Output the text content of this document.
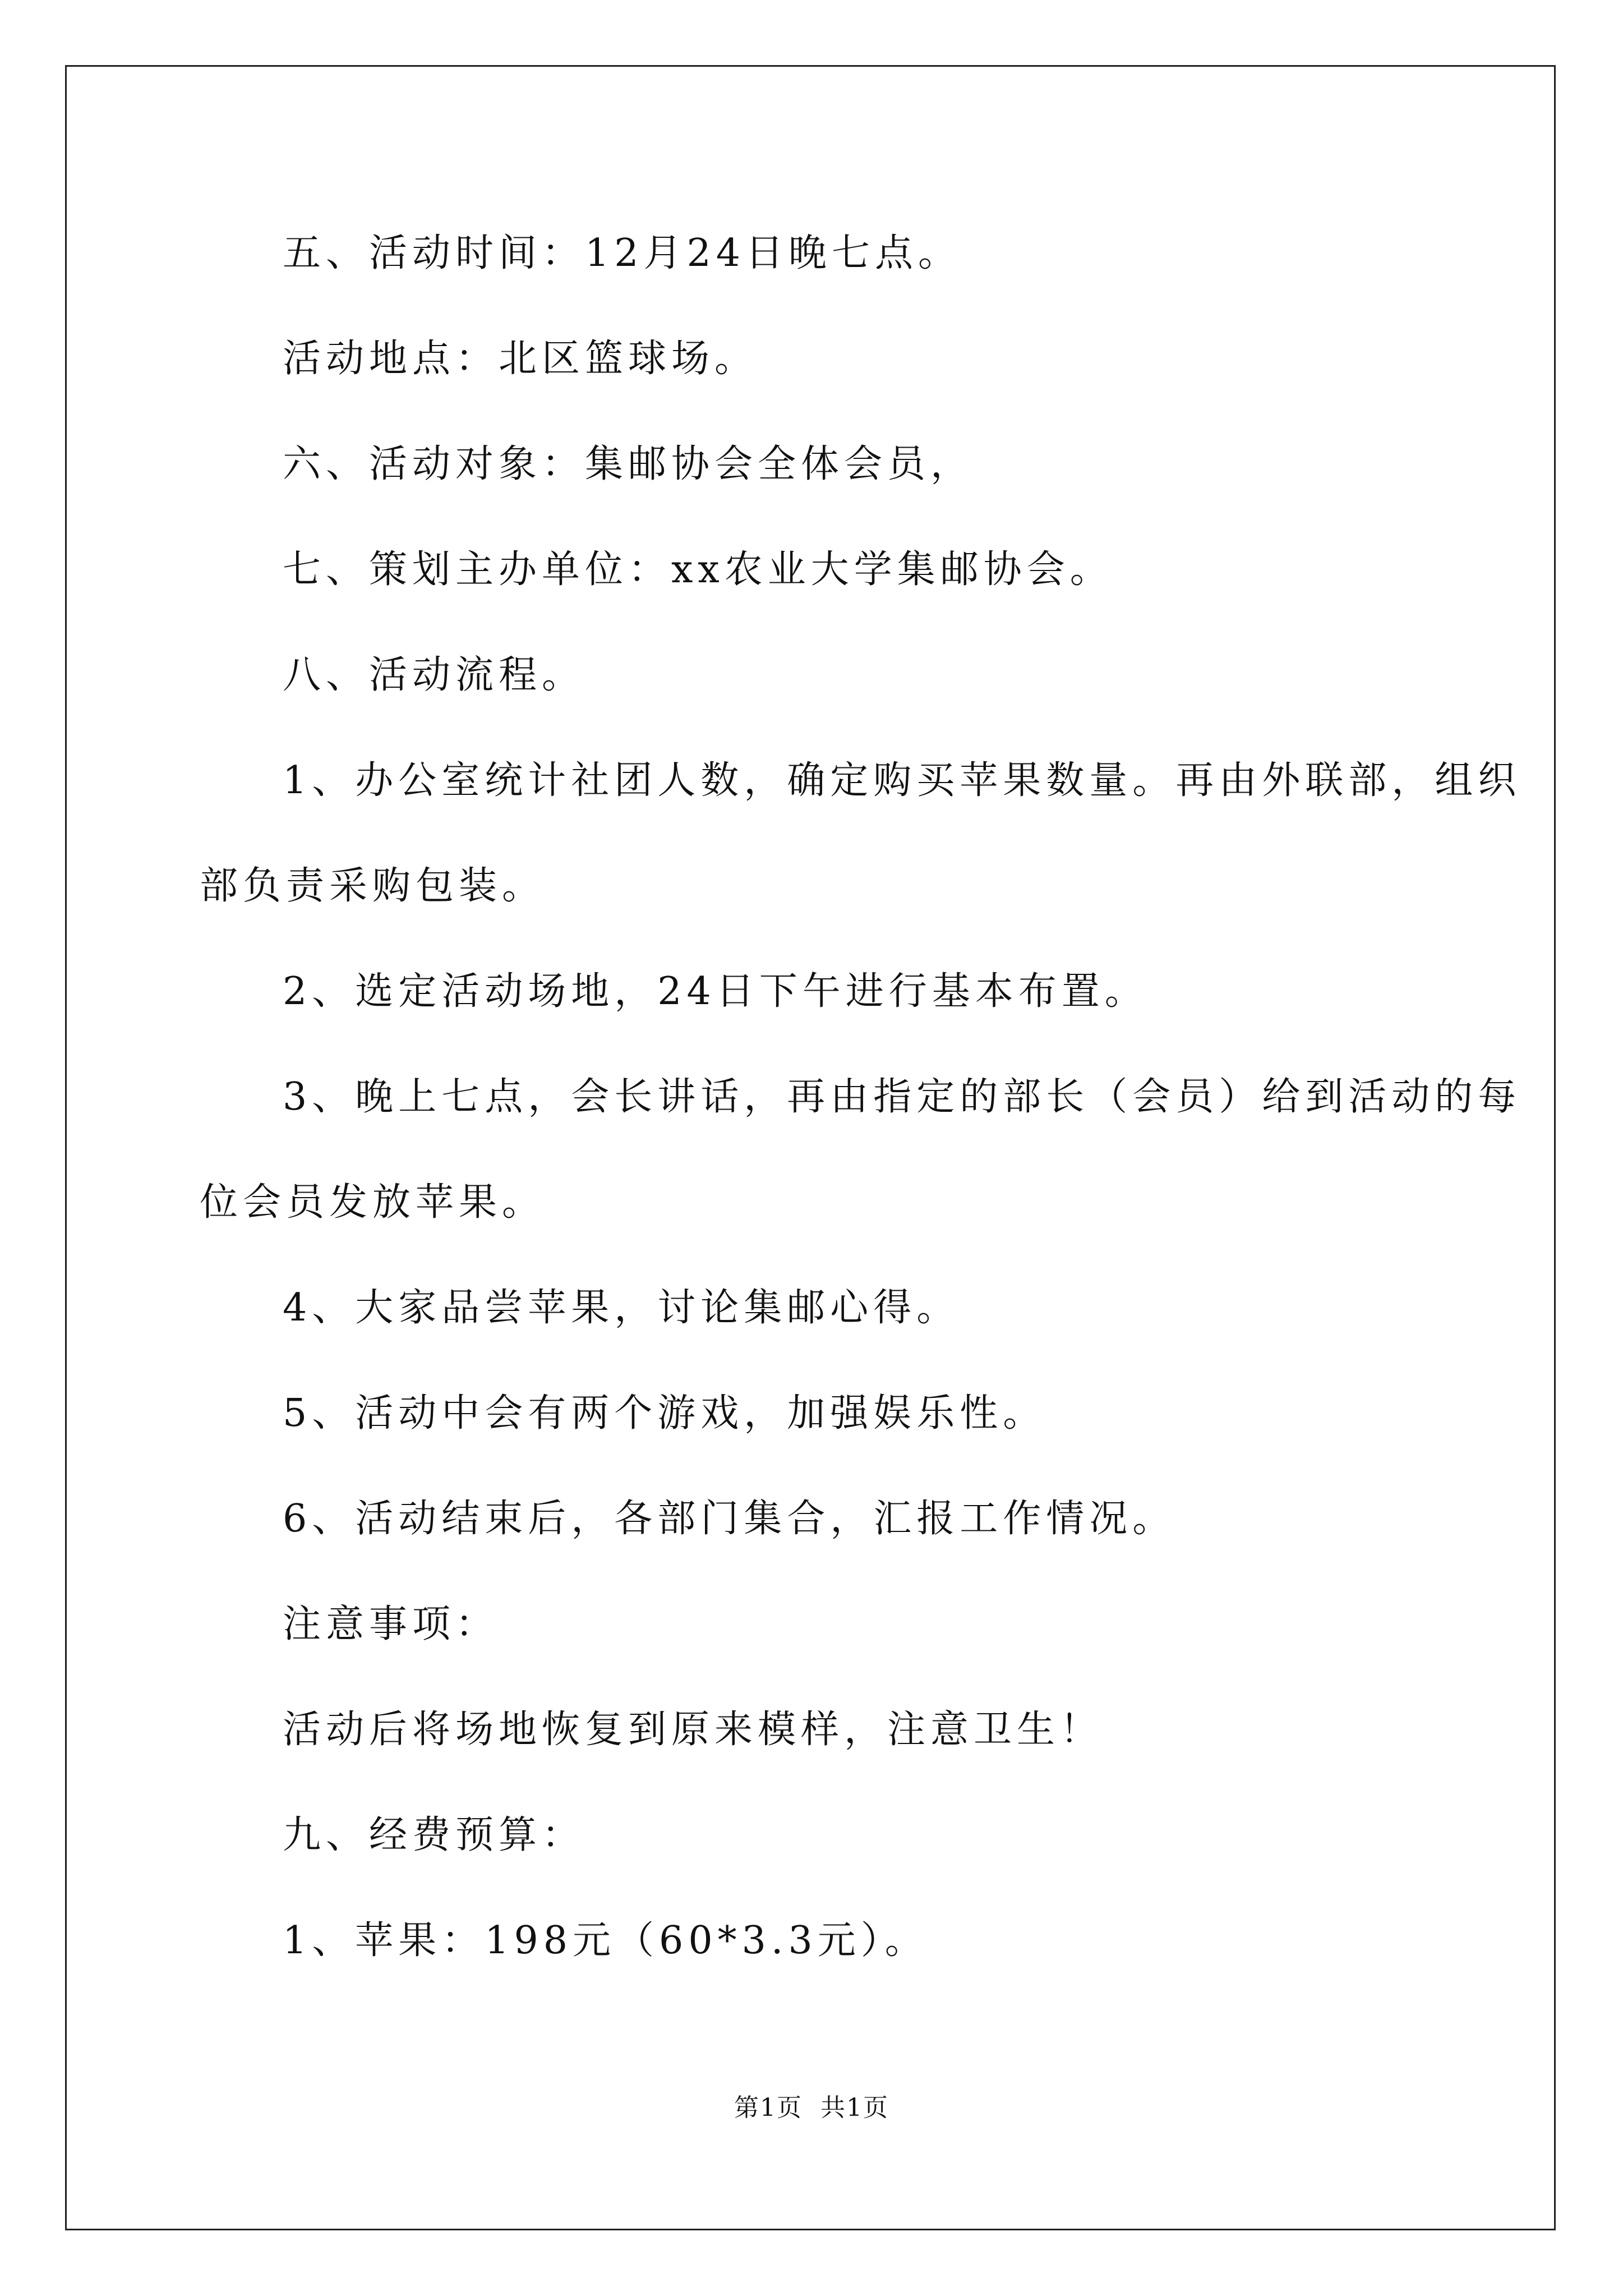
五、活动时间：12月24日晚七点。
活动地点：北区篮球场。
六、活动对象：集邮协会全体会员，
七、策划主办单位：xx农业大学集邮协会。
八、活动流程。
1、办公室统计社团人数，确定购买苹果数量。再由外联部，组织
部负责采购包装。
2、选定活动场地，24日下午进行基本布置。
3、晚上七点，会长讲话，再由指定的部长（会员）给到活动的每
位会员发放苹果。
4、大家品尝苹果，讨论集邮心得。
5、活动中会有两个游戏，加强娱乐性。
6、活动结束后，各部门集合，汇报工作情况。
注意事项：
活动后将场地恢复到原来模样，注意卫生！
九、经费预算：
1、苹果：198元（60*3.3元）。
第1页  共1页
